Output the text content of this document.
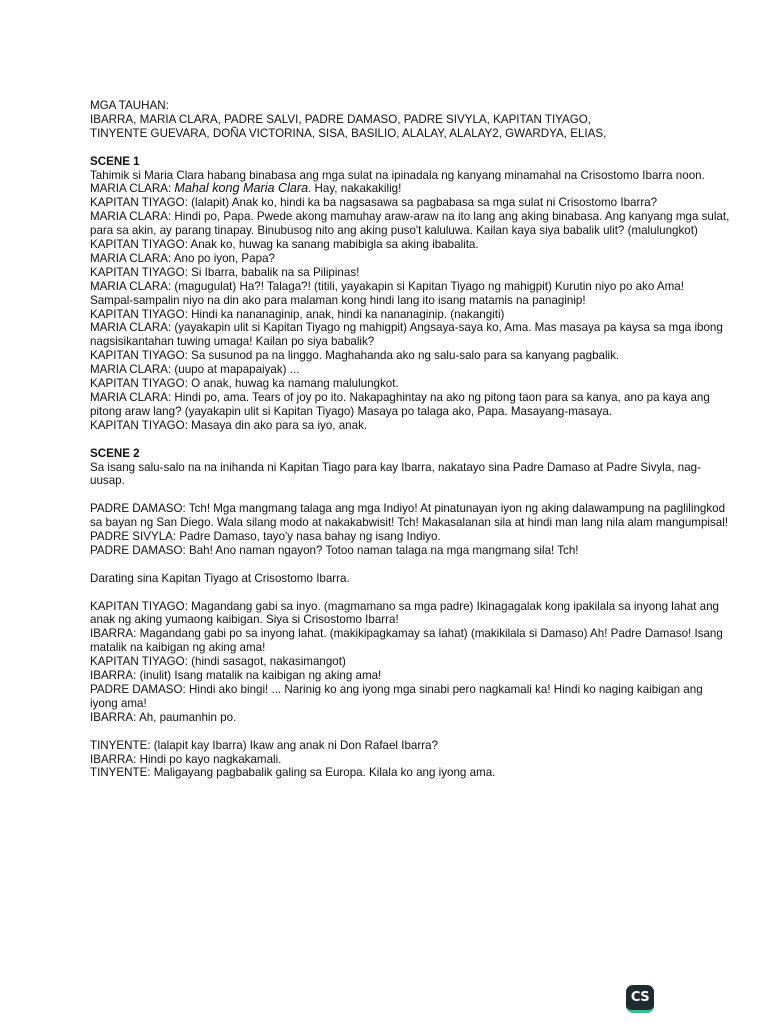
MGA TAUHAN:

IBARRA, MARIA CLARA, PADRE SALVI, PADRE DAMASO, PADRE SIVYLA, KAPITAN TIYAGO,

TINYENTE GUEVARA, DOÑA VICTORINA, SISA, BASILIO, ALALAY, ALALAY2, GWARDYA, ELIAS,

SCENE 1

Tahimik si Maria Clara habang binabasa ang mga sulat na ipinadala ng kanyang minamahal na Crisostomo Ibarra noon.

MARIA CLARA: Mahal kong Maria Clara. Hay, nakakakilig!

KAPITAN TIYAGO: (lalapit) Anak ko, hindi ka ba nagsasawa sa pagbabasa sa mga sulat ni Crisostomo Ibarra?

MARIA CLARA: Hindi po, Papa. Pwede akong mamuhay araw-araw na ito lang ang aking binabasa. Ang kanyang mga sulat, para sa akin, ay parang tinapay. Binubusog nito ang aking puso't kaluluwa. Kailan kaya siya babalik ulit? (malulungkot)

KAPITAN TIYAGO: Anak ko, huwag ka sanang mabibigla sa aking ibabalita.

MARIA CLARA: Ano po iyon, Papa?

KAPITAN TIYAGO: Si Ibarra, babalik na sa Pilipinas!

MARIA CLARA: (magugulat) Ha?! Talaga?! (titili, yayakapin si Kapitan Tiyago ng mahigpit) Kurutin niyo po ako Ama! Sampal-sampalin niyo na din ako para malaman kong hindi lang ito isang matamis na panaginip!

KAPITAN TIYAGO: Hindi ka nananaginip, anak, hindi ka nananaginip. (nakangiti)

MARIA CLARA: (yayakapin ulit si Kapitan Tiyago ng mahigpit) Angsaya-saya ko, Ama. Mas masaya pa kaysa sa mga ibong nagsisikantahan tuwing umaga! Kailan po siya babalik?

KAPITAN TIYAGO: Sa susunod pa na linggo. Maghahanda ako ng salu-salo para sa kanyang pagbalik.

MARIA CLARA: (uupo at mapapaiyak) ...

KAPITAN TIYAGO: O anak, huwag ka namang malulungkot.

MARIA CLARA: Hindi po, ama. Tears of joy po ito. Nakapaghintay na ako ng pitong taon para sa kanya, ano pa kaya ang pitong araw lang? (yayakapin ulit si Kapitan Tiyago) Masaya po talaga ako, Papa. Masayang-masaya.

KAPITAN TIYAGO: Masaya din ako para sa iyo, anak.

SCENE 2

Sa isang salu-salo na na inihanda ni Kapitan Tiago para kay Ibarra, nakatayo sina Padre Damaso at Padre Sivyla, nag-uusap.

PADRE DAMASO: Tch! Mga mangmang talaga ang mga Indiyo! At pinatunayan iyon ng aking dalawampung na paglilingkod sa bayan ng San Diego. Wala silang modo at nakakabwisit! Tch! Makasalanan sila at hindi man lang nila alam mangumpisal!

PADRE SIVYLA: Padre Damaso, tayo'y nasa bahay ng isang Indiyo.

PADRE DAMASO: Bah! Ano naman ngayon? Totoo naman talaga na mga mangmang sila! Tch!

Darating sina Kapitan Tiyago at Crisostomo Ibarra.

KAPITAN TIYAGO: Magandang gabi sa inyo. (magmamano sa mga padre) Ikinagagalak kong ipakilala sa inyong lahat ang anak ng aking yumaong kaibigan. Siya si Crisostomo Ibarra!

IBARRA: Magandang gabi po sa inyong lahat. (makikipagkamay sa lahat) (makikilala si Damaso) Ah! Padre Damaso! Isang matalik na kaibigan ng aking ama!

KAPITAN TIYAGO: (hindi sasagot, nakasimangot)

IBARRA: (inulit) Isang matalik na kaibigan ng aking ama!

PADRE DAMASO: Hindi ako bingi! ... Narinig ko ang iyong mga sinabi pero nagkamali ka! Hindi ko naging kaibigan ang iyong ama!

IBARRA: Ah, paumanhin po.

TINYENTE: (lalapit kay Ibarra) Ikaw ang anak ni Don Rafael Ibarra?

IBARRA: Hindi po kayo nagkakamali.

TINYENTE: Maligayang pagbabalik galing sa Europa. Kilala ko ang iyong ama.

CS
